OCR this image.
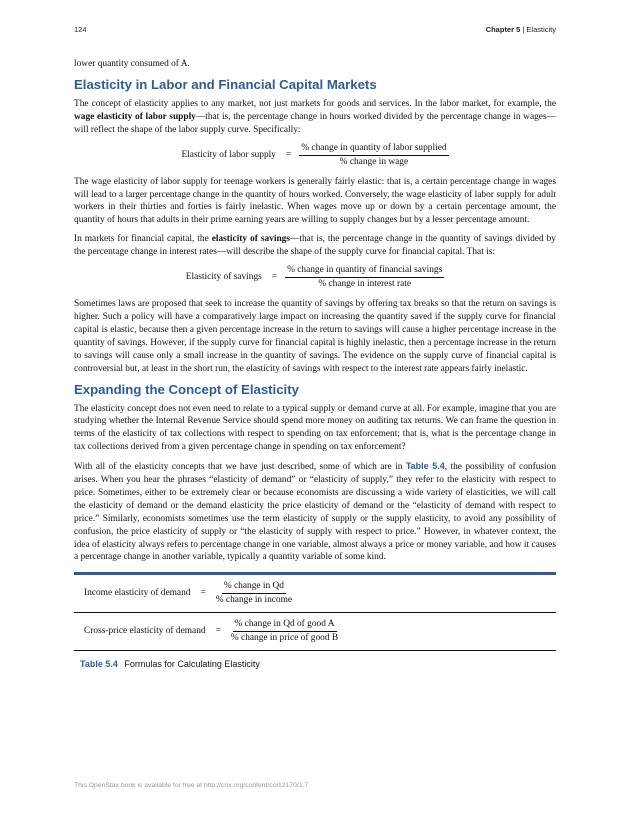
124	Chapter 5 | Elasticity

lower quantity consumed of A.

Elasticity in Labor and Financial Capital Markets

The concept of elasticity applies to any market, not just markets for goods and services. In the labor market, for example, the wage elasticity of labor supply—that is, the percentage change in hours worked divided by the percentage change in wages—will reflect the shape of the labor supply curve. Specifically:

Elasticity of labor supply = $\frac{\text{\% change in quantity of labor supplied}}{\text{\% change in wage}}$

The wage elasticity of labor supply for teenage workers is generally fairly elastic: that is, a certain percentage change in wages will lead to a larger percentage change in the quantity of hours worked. Conversely, the wage elasticity of labor supply for adult workers in their thirties and forties is fairly inelastic. When wages move up or down by a certain percentage amount, the quantity of hours that adults in their prime earning years are willing to supply changes but by a lesser percentage amount.

In markets for financial capital, the elasticity of savings—that is, the percentage change in the quantity of savings divided by the percentage change in interest rates—will describe the shape of the supply curve for financial capital. That is:

Elasticity of savings = $\frac{\text{\% change in quantity of financial savings}}{\text{\% change in interest rate}}$

Sometimes laws are proposed that seek to increase the quantity of savings by offering tax breaks so that the return on savings is higher. Such a policy will have a comparatively large impact on increasing the quantity saved if the supply curve for financial capital is elastic, because then a given percentage increase in the return to savings will cause a higher percentage increase in the quantity of savings. However, if the supply curve for financial capital is highly inelastic, then a percentage increase in the return to savings will cause only a small increase in the quantity of savings. The evidence on the supply curve of financial capital is controversial but, at least in the short run, the elasticity of savings with respect to the interest rate appears fairly inelastic.

Expanding the Concept of Elasticity

The elasticity concept does not even need to relate to a typical supply or demand curve at all. For example, imagine that you are studying whether the Internal Revenue Service should spend more money on auditing tax returns. We can frame the question in terms of the elasticity of tax collections with respect to spending on tax enforcement; that is, what is the percentage change in tax collections derived from a given percentage change in spending on tax enforcement?

With all of the elasticity concepts that we have just described, some of which are in Table 5.4, the possibility of confusion arises. When you hear the phrases “elasticity of demand” or “elasticity of supply,” they refer to the elasticity with respect to price. Sometimes, either to be extremely clear or because economists are discussing a wide variety of elasticities, we will call the elasticity of demand or the demand elasticity the price elasticity of demand or the “elasticity of demand with respect to price.” Similarly, economists sometimes use the term elasticity of supply or the supply elasticity, to avoid any possibility of confusion, the price elasticity of supply or “the elasticity of supply with respect to price.” However, in whatever context, the idea of elasticity always refers to percentage change in one variable, almost always a price or money variable, and how it causes a percentage change in another variable, typically a quantity variable of some kind.

Income elasticity of demand = $\frac{\text{\% change in Qd}}{\text{\% change in income}}$
Cross-price elasticity of demand = $\frac{\text{\% change in Qd of good A}}{\text{\% change in price of good B}}$
Table 5.4 Formulas for Calculating Elasticity
This OpenStax book is available for free at http://cnx.org/content/col12170/1.7
